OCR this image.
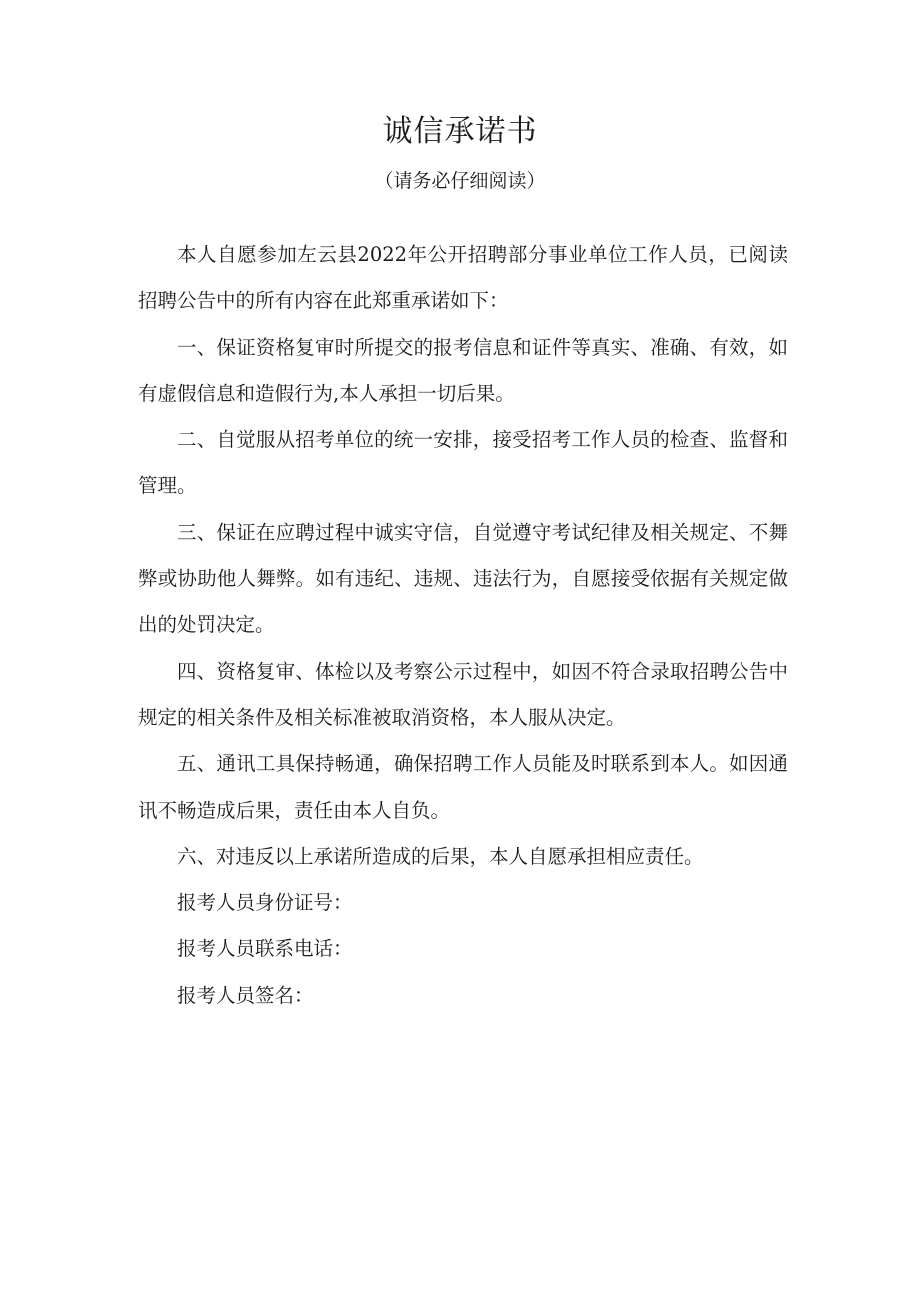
诚信承诺书
（请务必仔细阅读）

本人自愿参加左云县2022年公开招聘部分事业单位工作人员，已阅读招聘公告中的所有内容在此郑重承诺如下：

一、保证资格复审时所提交的报考信息和证件等真实、准确、有效，如有虚假信息和造假行为,本人承担一切后果。

二、自觉服从招考单位的统一安排，接受招考工作人员的检查、监督和管理。

三、保证在应聘过程中诚实守信，自觉遵守考试纪律及相关规定、不舞弊或协助他人舞弊。如有违纪、违规、违法行为，自愿接受依据有关规定做出的处罚决定。

四、资格复审、体检以及考察公示过程中，如因不符合录取招聘公告中规定的相关条件及相关标准被取消资格，本人服从决定。

五、通讯工具保持畅通，确保招聘工作人员能及时联系到本人。如因通讯不畅造成后果，责任由本人自负。

六、对违反以上承诺所造成的后果，本人自愿承担相应责任。

报考人员身份证号：

报考人员联系电话：

报考人员签名：
